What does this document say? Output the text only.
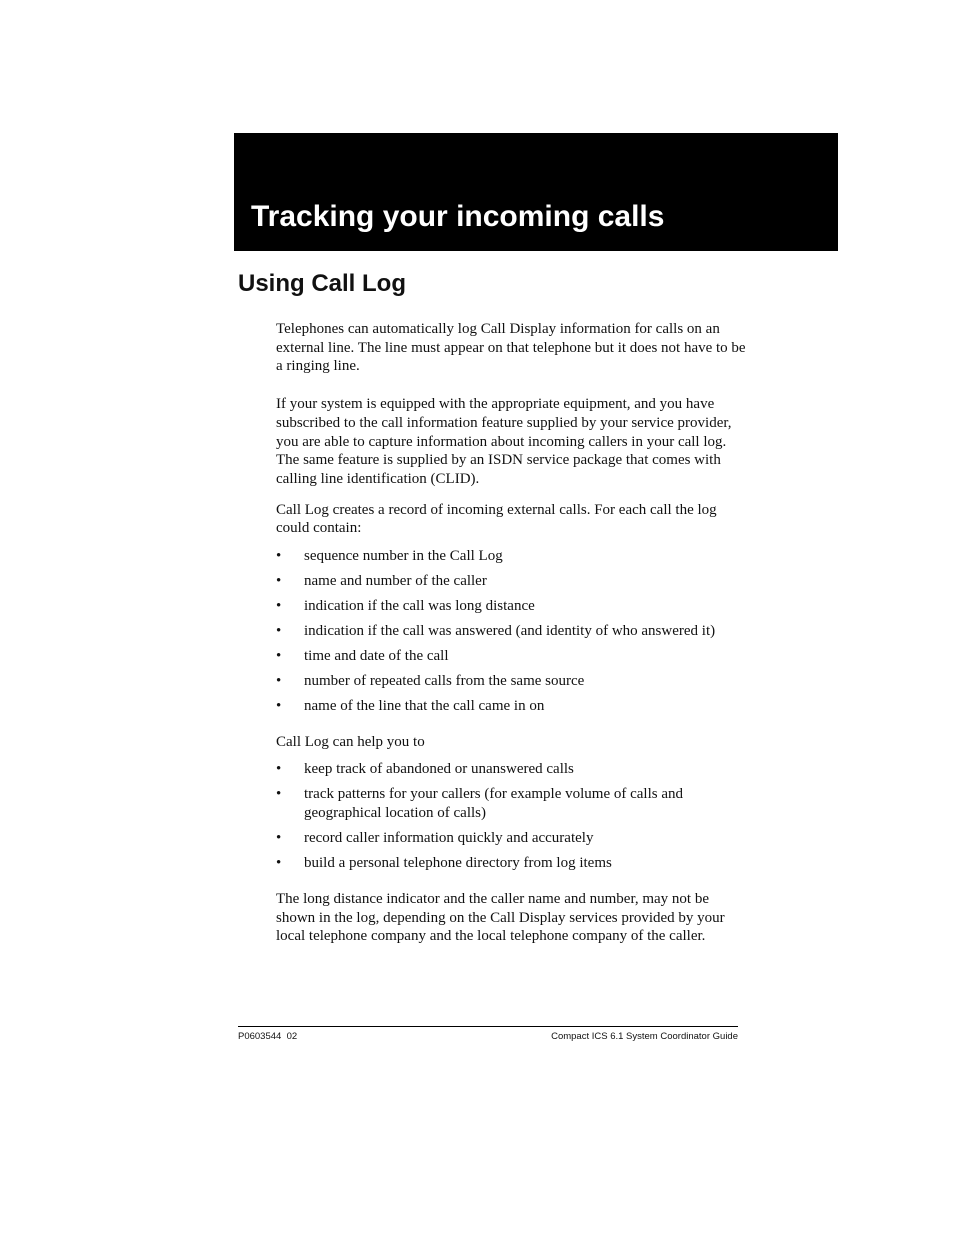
Tracking your incoming calls
Using Call Log

Telephones can automatically log Call Display information for calls on an external line. The line must appear on that telephone but it does not have to be a ringing line.

If your system is equipped with the appropriate equipment, and you have subscribed to the call information feature supplied by your service provider, you are able to capture information about incoming callers in your call log. The same feature is supplied by an ISDN service package that comes with calling line identification (CLID).

Call Log creates a record of incoming external calls. For each call the log could contain:

• sequence number in the Call Log
• name and number of the caller
• indication if the call was long distance
• indication if the call was answered (and identity of who answered it)
• time and date of the call
• number of repeated calls from the same source
• name of the line that the call came in on

Call Log can help you to

• keep track of abandoned or unanswered calls
• track patterns for your callers (for example volume of calls and geographical location of calls)
• record caller information quickly and accurately
• build a personal telephone directory from log items

The long distance indicator and the caller name and number, may not be shown in the log, depending on the Call Display services provided by your local telephone company and the local telephone company of the caller.

P0603544  02	Compact ICS 6.1 System Coordinator Guide
